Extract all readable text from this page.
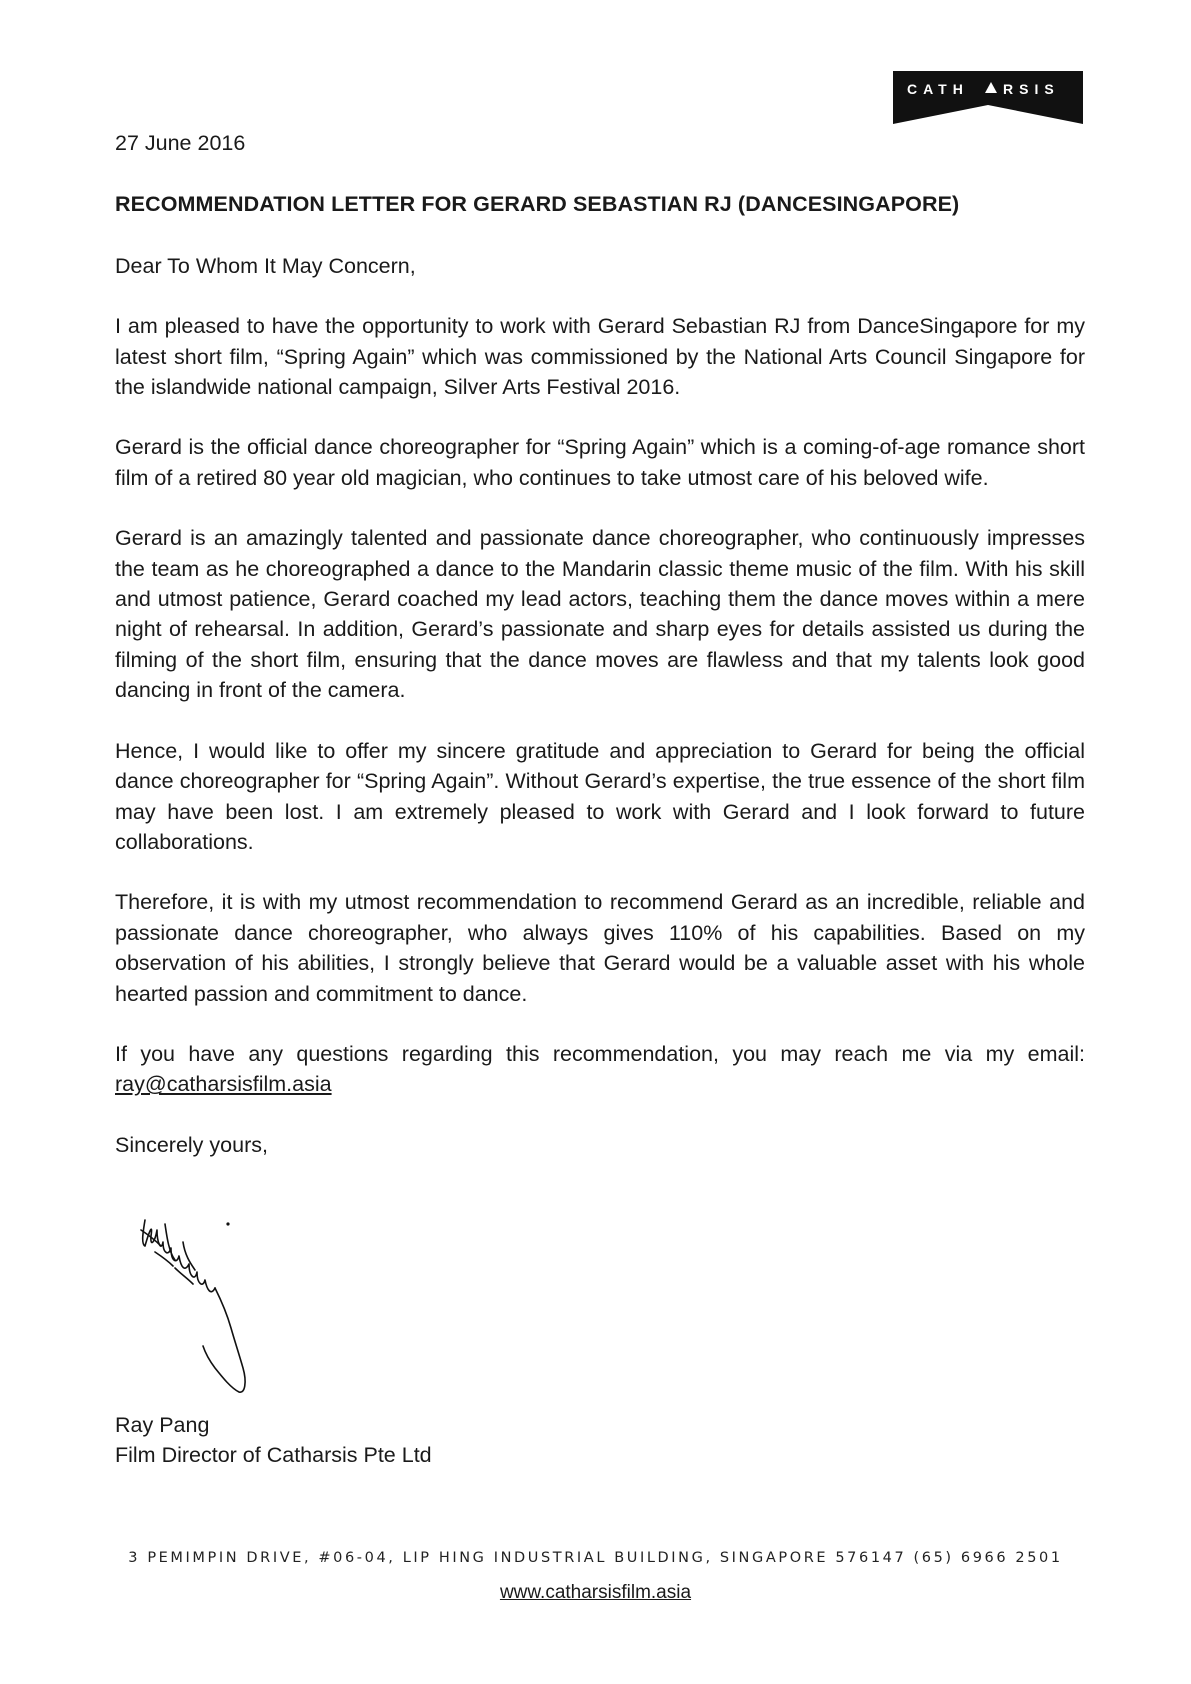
CATH RSIS

27 June 2016

RECOMMENDATION LETTER FOR GERARD SEBASTIAN RJ (DANCESINGAPORE)

Dear To Whom It May Concern,

I am pleased to have the opportunity to work with Gerard Sebastian RJ from DanceSingapore for my latest short film, “Spring Again” which was commissioned by the National Arts Council Singapore for the islandwide national campaign, Silver Arts Festival 2016.

Gerard is the official dance choreographer for “Spring Again” which is a coming-of-age romance short film of a retired 80 year old magician, who continues to take utmost care of his beloved wife.

Gerard is an amazingly talented and passionate dance choreographer, who continuously impresses the team as he choreographed a dance to the Mandarin classic theme music of the film. With his skill and utmost patience, Gerard coached my lead actors, teaching them the dance moves within a mere night of rehearsal. In addition, Gerard’s passionate and sharp eyes for details assisted us during the filming of the short film, ensuring that the dance moves are flawless and that my talents look good dancing in front of the camera.

Hence, I would like to offer my sincere gratitude and appreciation to Gerard for being the official dance choreographer for “Spring Again”. Without Gerard’s expertise, the true essence of the short film may have been lost. I am extremely pleased to work with Gerard and I look forward to future collaborations.

Therefore, it is with my utmost recommendation to recommend Gerard as an incredible, reliable and passionate dance choreographer, who always gives 110% of his capabilities. Based on my observation of his abilities, I strongly believe that Gerard would be a valuable asset with his whole hearted passion and commitment to dance.

If you have any questions regarding this recommendation, you may reach me via my email: ray@catharsisfilm.asia

Sincerely yours,

Ray Pang
Film Director of Catharsis Pte Ltd
3 PEMIMPIN DRIVE, #06-04, LIP HING INDUSTRIAL BUILDING, SINGAPORE 576147 (65) 6966 2501
www.catharsisfilm.asia
